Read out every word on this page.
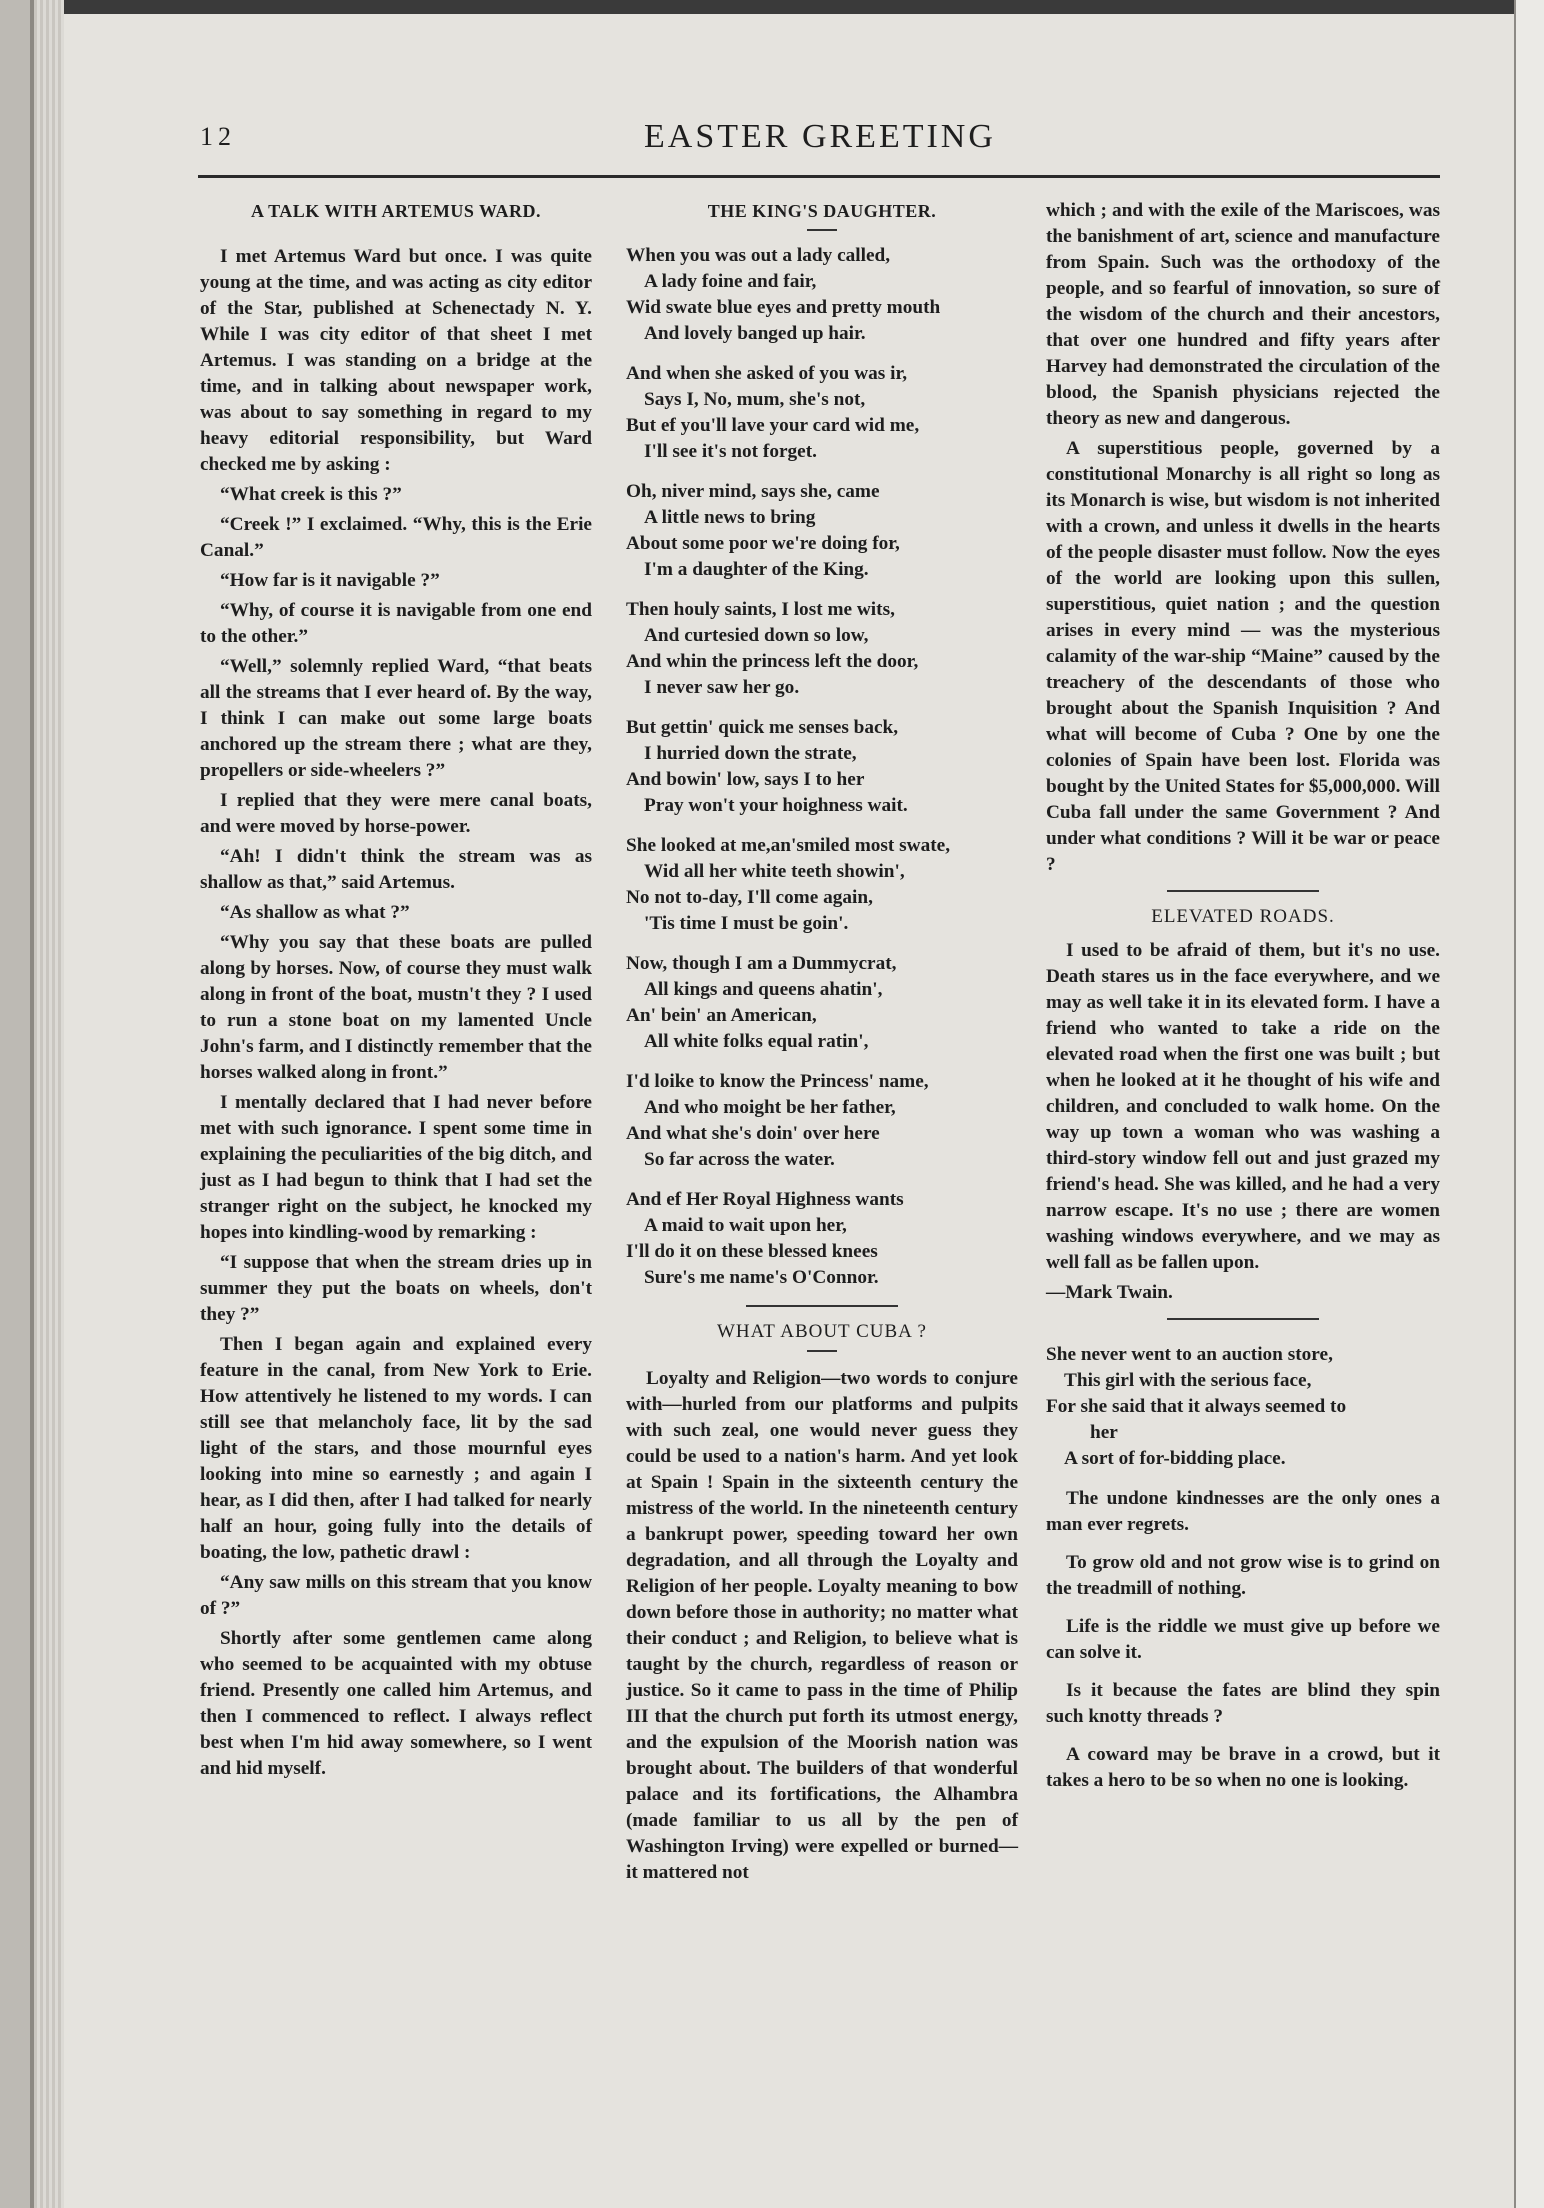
12	EASTER GREETING
A TALK WITH ARTEMUS WARD.

I met Artemus Ward but once. I was quite young at the time, and was acting as city editor of the Star, published at Schenectady N. Y. While I was city editor of that sheet I met Artemus. I was standing on a bridge at the time, and in talking about newspaper work, was about to say something in regard to my heavy editorial responsibility, but Ward checked me by asking :

“What creek is this ?”

“Creek !” I exclaimed. “Why, this is the Erie Canal.”

“How far is it navigable ?”

“Why, of course it is navigable from one end to the other.”

“Well,” solemnly replied Ward, “that beats all the streams that I ever heard of. By the way, I think I can make out some large boats anchored up the stream there ; what are they, propellers or side-wheelers ?”

I replied that they were mere canal boats, and were moved by horse-power.

“Ah! I didn't think the stream was as shallow as that,” said Artemus.

“As shallow as what ?”

“Why you say that these boats are pulled along by horses. Now, of course they must walk along in front of the boat, mustn't they ? I used to run a stone boat on my lamented Uncle John's farm, and I distinctly remember that the horses walked along in front.”

I mentally declared that I had never before met with such ignorance. I spent some time in explaining the peculiarities of the big ditch, and just as I had begun to think that I had set the stranger right on the subject, he knocked my hopes into kindling-wood by remarking :

“I suppose that when the stream dries up in summer they put the boats on wheels, don't they ?”

Then I began again and explained every feature in the canal, from New York to Erie. How attentively he listened to my words. I can still see that melancholy face, lit by the sad light of the stars, and those mournful eyes looking into mine so earnestly ; and again I hear, as I did then, after I had talked for nearly half an hour, going fully into the details of boating, the low, pathetic drawl :

“Any saw mills on this stream that you know of ?”

Shortly after some gentlemen came along who seemed to be acquainted with my obtuse friend. Presently one called him Artemus, and then I commenced to reflect. I always reflect best when I'm hid away somewhere, so I went and hid myself.

THE KING'S DAUGHTER.
When you was out a lady called,
A lady foine and fair,
Wid swate blue eyes and pretty mouth
And lovely banged up hair.
And when she asked of you was ir,
Says I, No, mum, she's not,
But ef you'll lave your card wid me,
I'll see it's not forget.
Oh, niver mind, says she, came
A little news to bring
About some poor we're doing for,
I'm a daughter of the King.
Then houly saints, I lost me wits,
And curtesied down so low,
And whin the princess left the door,
I never saw her go.
But gettin' quick me senses back,
I hurried down the strate,
And bowin' low, says I to her
Pray won't your hoighness wait.
She looked at me,an'smiled most swate,
Wid all her white teeth showin',
No not to-day, I'll come again,
'Tis time I must be goin'.
Now, though I am a Dummycrat,
All kings and queens ahatin',
An' bein' an American,
All white folks equal ratin',
I'd loike to know the Princess' name,
And who moight be her father,
And what she's doin' over here
So far across the water.
And ef Her Royal Highness wants
A maid to wait upon her,
I'll do it on these blessed knees
Sure's me name's O'Connor.
WHAT ABOUT CUBA ?

Loyalty and Religion—two words to conjure with—hurled from our platforms and pulpits with such zeal, one would never guess they could be used to a nation's harm. And yet look at Spain ! Spain in the sixteenth century the mistress of the world. In the nineteenth century a bankrupt power, speeding toward her own degradation, and all through the Loyalty and Religion of her people. Loyalty meaning to bow down before those in authority; no matter what their conduct ; and Religion, to believe what is taught by the church, regardless of reason or justice. So it came to pass in the time of Philip III that the church put forth its utmost energy, and the expulsion of the Moorish nation was brought about. The builders of that wonderful palace and its fortifications, the Alhambra (made familiar to us all by the pen of Washington Irving) were expelled or burned—it mattered not

which ; and with the exile of the Mariscoes, was the banishment of art, science and manufacture from Spain. Such was the orthodoxy of the people, and so fearful of innovation, so sure of the wisdom of the church and their ancestors, that over one hundred and fifty years after Harvey had demonstrated the circulation of the blood, the Spanish physicians rejected the theory as new and dangerous.

A superstitious people, governed by a constitutional Monarchy is all right so long as its Monarch is wise, but wisdom is not inherited with a crown, and unless it dwells in the hearts of the people disaster must follow. Now the eyes of the world are looking upon this sullen, superstitious, quiet nation ; and the question arises in every mind — was the mysterious calamity of the war-ship “Maine” caused by the treachery of the descendants of those who brought about the Spanish Inquisition ? And what will become of Cuba ? One by one the colonies of Spain have been lost. Florida was bought by the United States for $5,000,000. Will Cuba fall under the same Government ? And under what conditions ? Will it be war or peace ?

ELEVATED ROADS.

I used to be afraid of them, but it's no use. Death stares us in the face everywhere, and we may as well take it in its elevated form. I have a friend who wanted to take a ride on the elevated road when the first one was built ; but when he looked at it he thought of his wife and children, and concluded to walk home. On the way up town a woman who was washing a third-story window fell out and just grazed my friend's head. She was killed, and he had a very narrow escape. It's no use ; there are women washing windows everywhere, and we may as well fall as be fallen upon.

—Mark Twain.

She never went to an auction store,
This girl with the serious face,
For she said that it always seemed to
her
A sort of for-bidding place.

The undone kindnesses are the only ones a man ever regrets.

To grow old and not grow wise is to grind on the treadmill of nothing.

Life is the riddle we must give up before we can solve it.

Is it because the fates are blind they spin such knotty threads ?

A coward may be brave in a crowd, but it takes a hero to be so when no one is looking.
